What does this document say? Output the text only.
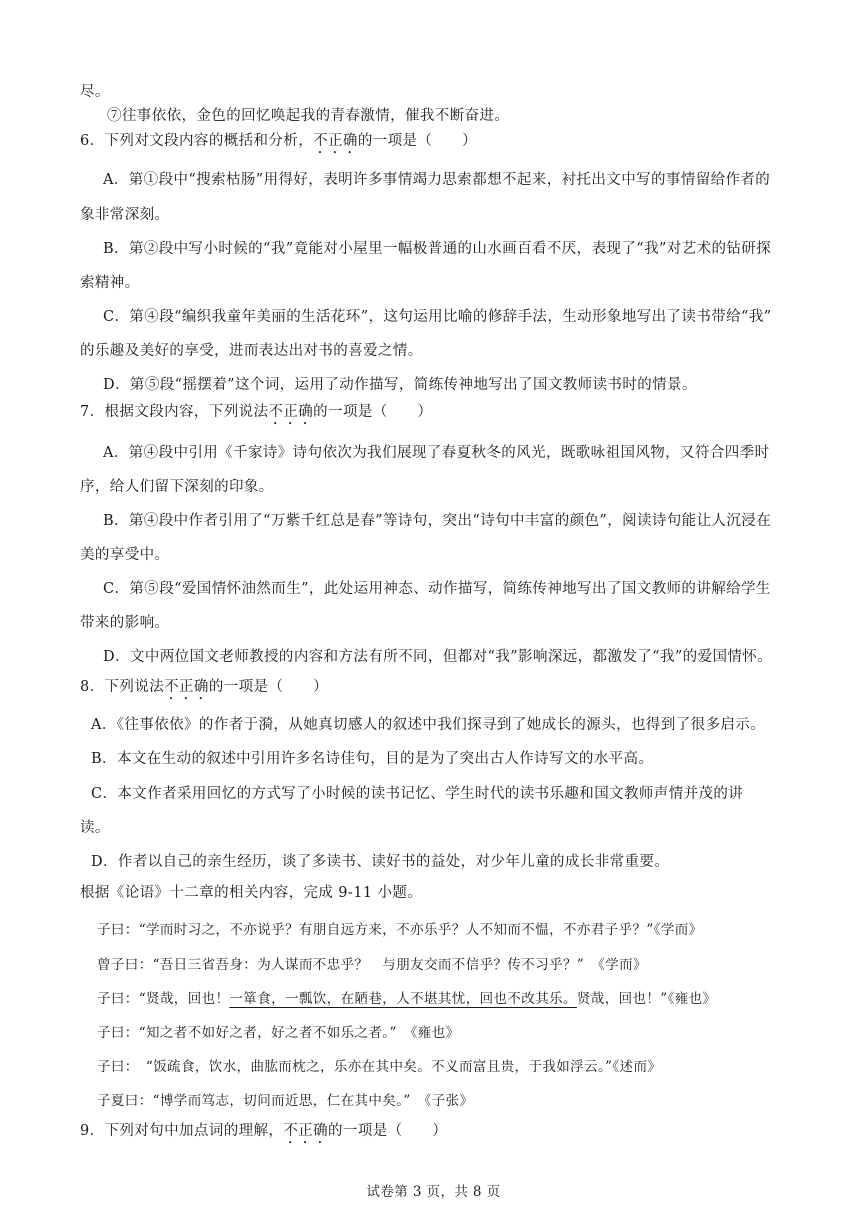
尽。
⑦往事依依，金色的回忆唤起我的青春激情，催我不断奋进。
6．下列对文段内容的概括和分析，不正确的一项是（　　）
A．第①段中“搜索枯肠”用得好，表明许多事情竭力思索都想不起来，衬托出文中写的事情留给作者的
象非常深刻。
B．第②段中写小时候的“我”竟能对小屋里一幅极普通的山水画百看不厌，表现了“我”对艺术的钻研探
索精神。
C．第④段“编织我童年美丽的生活花环”，这句运用比喻的修辞手法，生动形象地写出了读书带给“我”
的乐趣及美好的享受，进而表达出对书的喜爱之情。
D．第⑤段“摇摆着”这个词，运用了动作描写，简练传神地写出了国文教师读书时的情景。
7．根据文段内容，下列说法不正确的一项是（　　）
A．第④段中引用《千家诗》诗句依次为我们展现了春夏秋冬的风光，既歌咏祖国风物，又符合四季时
序，给人们留下深刻的印象。
B．第④段中作者引用了“万紫千红总是春”等诗句，突出“诗句中丰富的颜色”，阅读诗句能让人沉浸在
美的享受中。
C．第⑤段“爱国情怀油然而生”，此处运用神态、动作描写，简练传神地写出了国文教师的讲解给学生
带来的影响。
D．文中两位国文老师教授的内容和方法有所不同，但都对“我”影响深远，都激发了“我”的爱国情怀。
8．下列说法不正确的一项是（　　）
A．《往事依依》的作者于漪，从她真切感人的叙述中我们探寻到了她成长的源头，也得到了很多启示。
B．本文在生动的叙述中引用许多名诗佳句，目的是为了突出古人作诗写文的水平高。
C．本文作者采用回忆的方式写了小时候的读书记忆、学生时代的读书乐趣和国文教师声情并茂的讲
读。
D．作者以自己的亲生经历，谈了多读书、读好书的益处，对少年儿童的成长非常重要。
根据《论语》十二章的相关内容，完成 9-11 小题。
子曰：“学而时习之，不亦说乎？有朋自远方来，不亦乐乎？人不知而不愠，不亦君子乎？”《学而》
曾子曰：“吾日三省吾身：为人谋而不忠乎？　与朋友交而不信乎？传不习乎？”　《学而》
子曰：“贤哉，回也！一箪食，一瓢饮，在陋巷，人不堪其忧，回也不改其乐。贤哉，回也！”《雍也》
子曰：“知之者不如好之者，好之者不如乐之者。”　《雍也》
子曰：　“饭疏食，饮水，曲肱而枕之，乐亦在其中矣。不义而富且贵，于我如浮云。”《述而》
子夏曰：“博学而笃志，切问而近思，仁在其中矣。”　《子张》
9．下列对句中加点词的理解，不正确的一项是（　　）
试卷第 3 页，共 8 页
